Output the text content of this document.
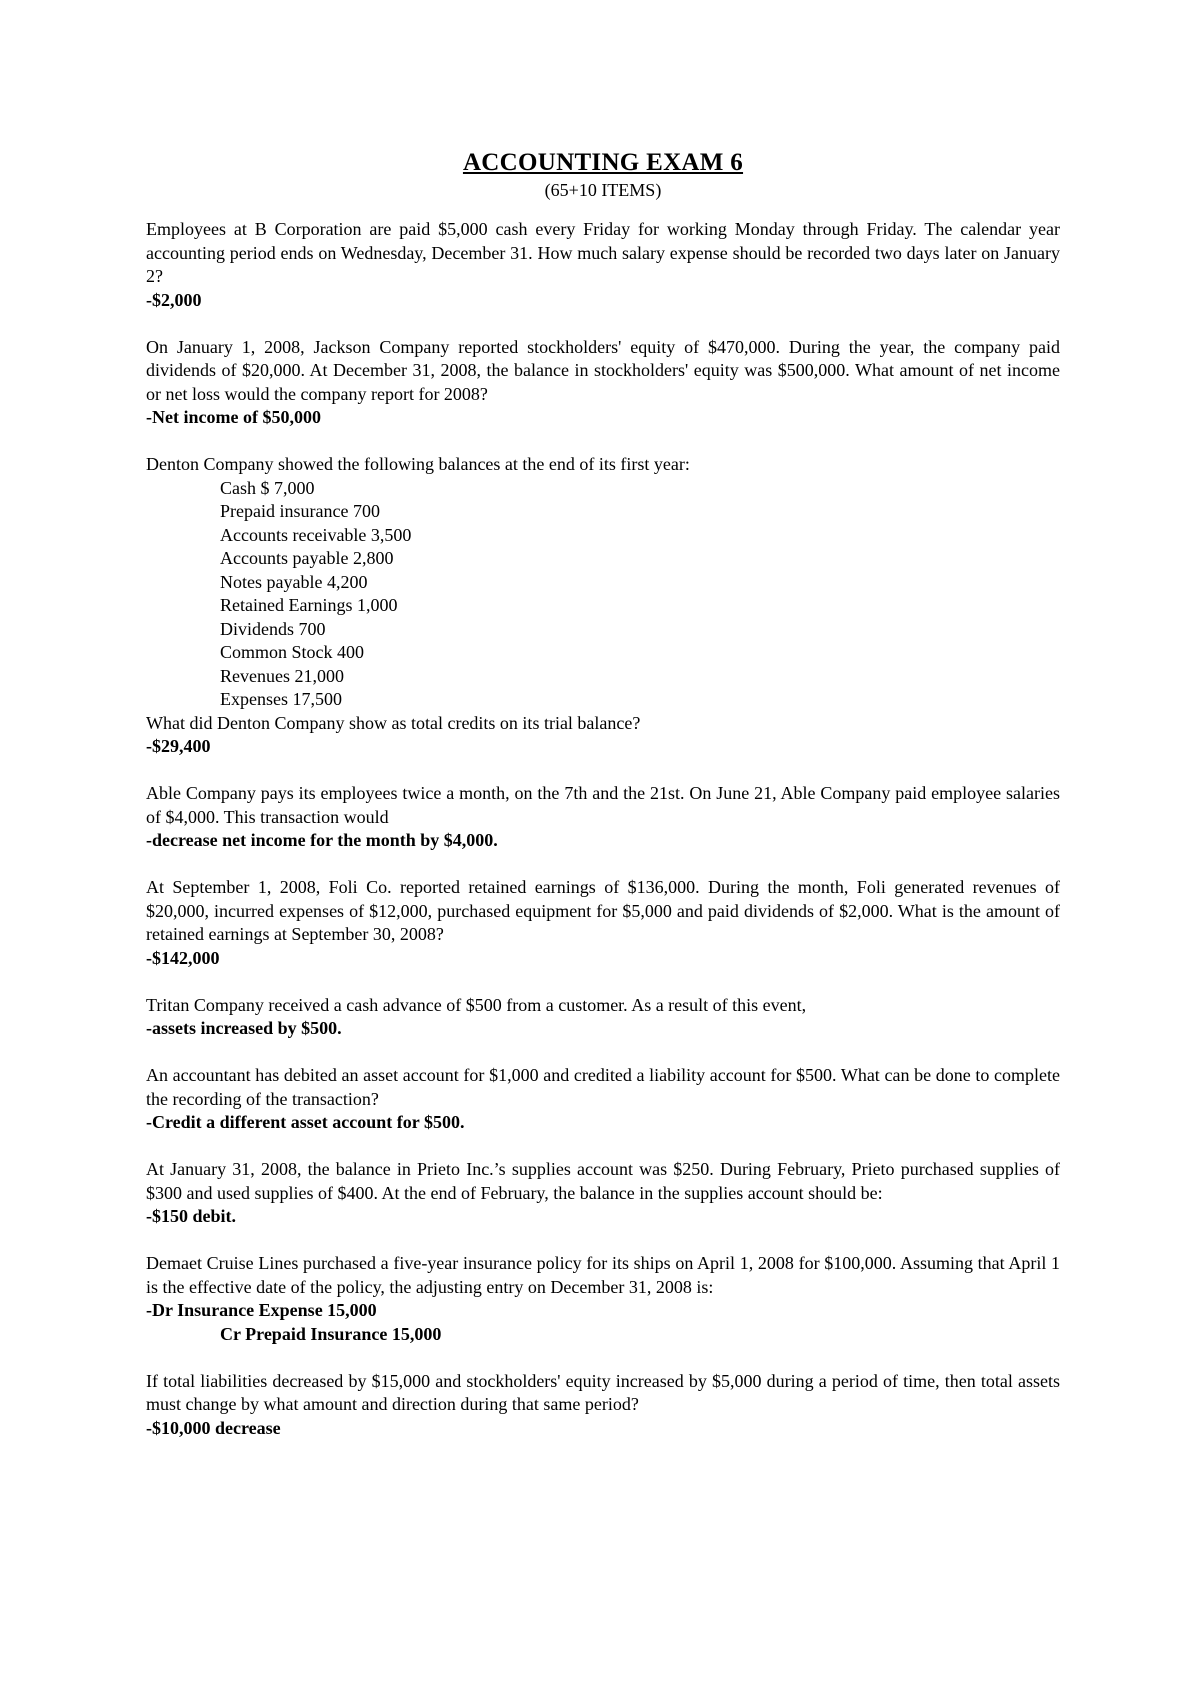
ACCOUNTING EXAM 6

(65+10 ITEMS)

Employees at B Corporation are paid $5,000 cash every Friday for working Monday through Friday. The calendar year accounting period ends on Wednesday, December 31. How much salary expense should be recorded two days later on January 2?

-$2,000

On January 1, 2008, Jackson Company reported stockholders' equity of $470,000. During the year, the company paid dividends of $20,000. At December 31, 2008, the balance in stockholders' equity was $500,000. What amount of net income or net loss would the company report for 2008?

-Net income of $50,000

Denton Company showed the following balances at the end of its first year:

Cash $ 7,000
Prepaid insurance 700
Accounts receivable 3,500
Accounts payable 2,800
Notes payable 4,200
Retained Earnings 1,000
Dividends 700
Common Stock 400
Revenues 21,000
Expenses 17,500

What did Denton Company show as total credits on its trial balance?

-$29,400

Able Company pays its employees twice a month, on the 7th and the 21st. On June 21, Able Company paid employee salaries of $4,000. This transaction would

-decrease net income for the month by $4,000.

At September 1, 2008, Foli Co. reported retained earnings of $136,000. During the month, Foli generated revenues of $20,000, incurred expenses of $12,000, purchased equipment for $5,000 and paid dividends of $2,000. What is the amount of retained earnings at September 30, 2008?

-$142,000

Tritan Company received a cash advance of $500 from a customer. As a result of this event,

-assets increased by $500.

An accountant has debited an asset account for $1,000 and credited a liability account for $500. What can be done to complete the recording of the transaction?

-Credit a different asset account for $500.

At January 31, 2008, the balance in Prieto Inc.’s supplies account was $250. During February, Prieto purchased supplies of $300 and used supplies of $400. At the end of February, the balance in the supplies account should be:

-$150 debit.

Demaet Cruise Lines purchased a five-year insurance policy for its ships on April 1, 2008 for $100,000. Assuming that April 1 is the effective date of the policy, the adjusting entry on December 31, 2008 is:

-Dr Insurance Expense 15,000

Cr Prepaid Insurance 15,000

If total liabilities decreased by $15,000 and stockholders' equity increased by $5,000 during a period of time, then total assets must change by what amount and direction during that same period?

-$10,000 decrease
